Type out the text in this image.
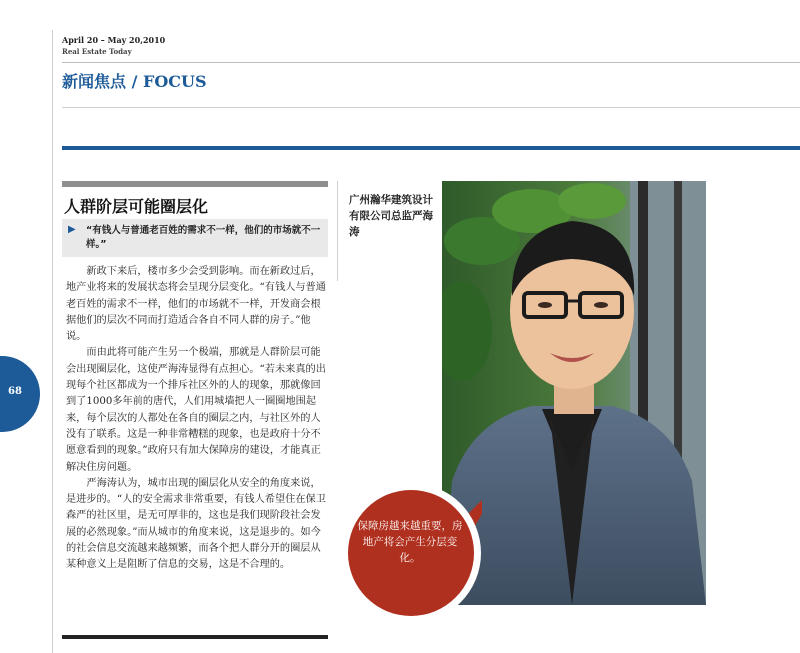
April 20 – May 20,2010
Real Estate Today
新闻焦点 / FOCUS
68
人群阶层可能圈层化
▶ “有钱人与普通老百姓的需求不一样，他们的市场就不一样。”

新政下来后，楼市多少会受到影响。而在新政过后，地产业将来的发展状态将会呈现分层变化。“有钱人与普通老百姓的需求不一样，他们的市场就不一样，开发商会根据他们的层次不同而打造适合各自不同人群的房子。”他说。

而由此将可能产生另一个极端，那就是人群阶层可能会出现圈层化，这使严海涛显得有点担心。“若未来真的出现每个社区都成为一个排斥社区外的人的现象，那就像回到了1000多年前的唐代，人们用城墙把人一圈圈地围起来，每个层次的人都处在各自的圈层之内，与社区外的人没有了联系。这是一种非常糟糕的现象，也是政府十分不愿意看到的现象。”政府只有加大保障房的建设，才能真正解决住房问题。

严海涛认为，城市出现的圈层化从安全的角度来说，是进步的。“人的安全需求非常重要，有钱人希望住在保卫森严的社区里，是无可厚非的，这也是我们现阶段社会发展的必然现象。”而从城市的角度来说，这是退步的。如今的社会信息交流越来越频繁，而各个把人群分开的圈层从某种意义上是阻断了信息的交易，这是不合理的。

广州瀚华建筑设计有限公司总监严海涛
保障房越来越重要，房地产将会产生分层变化。
